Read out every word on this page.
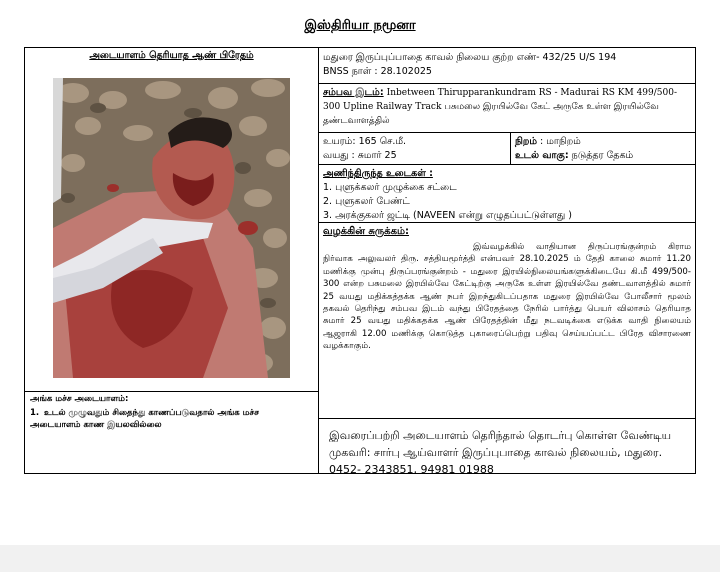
இஸ்திரியா நமூனா
அடையாளம் தெரியாத ஆண் பிரேதம்
அங்க மச்ச அடையாளம்:
1. உடல் முழுவதும் சிதைந்து காணப்படுவதால் அங்க மச்ச அடையாளம் காண இயலவில்லை
மதுரை இருப்புப்பாதை காவல் நிலைய குற்ற எண்- 432/25 U/S 194
BNSS நாள் : 28.102025
சம்பவ இடம்: Inbetween Thirupparankundram RS - Madurai RS KM 499/500-300 Upline Railway Track பசுமலை இரயில்வே கேட் அருகே உள்ள இரயில்வே தண்டவாளத்தில்
உயரம்: 165 செ.மீ.
வயது : சுமார் 25
நிறம் : மாநிறம்
உடல் வாகு: நடுத்தர தேகம்
அணிந்திருந்த உடைகள் :
1. புளுக்கலர் முழுக்கை சட்டை
2. புளுகலர் பேண்ட்
3. அரக்குகலர் ஜட்டி (NAVEEN என்று எழுதப்பட்டுள்ளது )
வழக்கின் சுருக்கம்:
இவ்வழக்கில் வாதியான திருப்பரங்குன்றம் கிராம நிர்வாக அலுவலர் திரு. சத்தியமூர்த்தி என்பவர் 28.10.2025 ம் தேதி காலை சுமார் 11.20 மணிக்கு முன்பு திருப்பரங்குன்றம் - மதுரை இரயில்நிலையங்களுக்கிடையே கி.மீ 499/500-300 என்ற பசுமலை இரயில்வே கேட்டிற்கு அருகே உள்ள இரயில்வே தண்டவாளத்தில் சுமார் 25 வயது மதிக்கத்தக்க ஆண் நபர் இறந்துகிடப்பதாக மதுரை இரயில்வே போலீசார் மூலம் தகவல் தெரிந்து சம்பவ இடம் வந்து பிரேதத்தை நேரில் பார்த்து பெயர் விலாசம் தெரியாத சுமார் 25 வயது மதிக்கதக்க ஆண் பிரேதத்தின் மீது நடவடிக்கை எடுக்க வாதி நிலையம் ஆஜராகி 12.00 மணிக்கு கொடுத்த புகாரைப்பெற்று பதிவு செய்யப்பட்ட பிரேத விசாரணை வழக்காகும்.
இவரைப்பற்றி அடையாளம் தெரிந்தால் தொடர்பு கொள்ள வேண்டிய முகவரி: சார்பு ஆய்வாளர் இருப்புபாதை காவல் நிலையம், மதுரை. 0452- 2343851, 94981 01988
